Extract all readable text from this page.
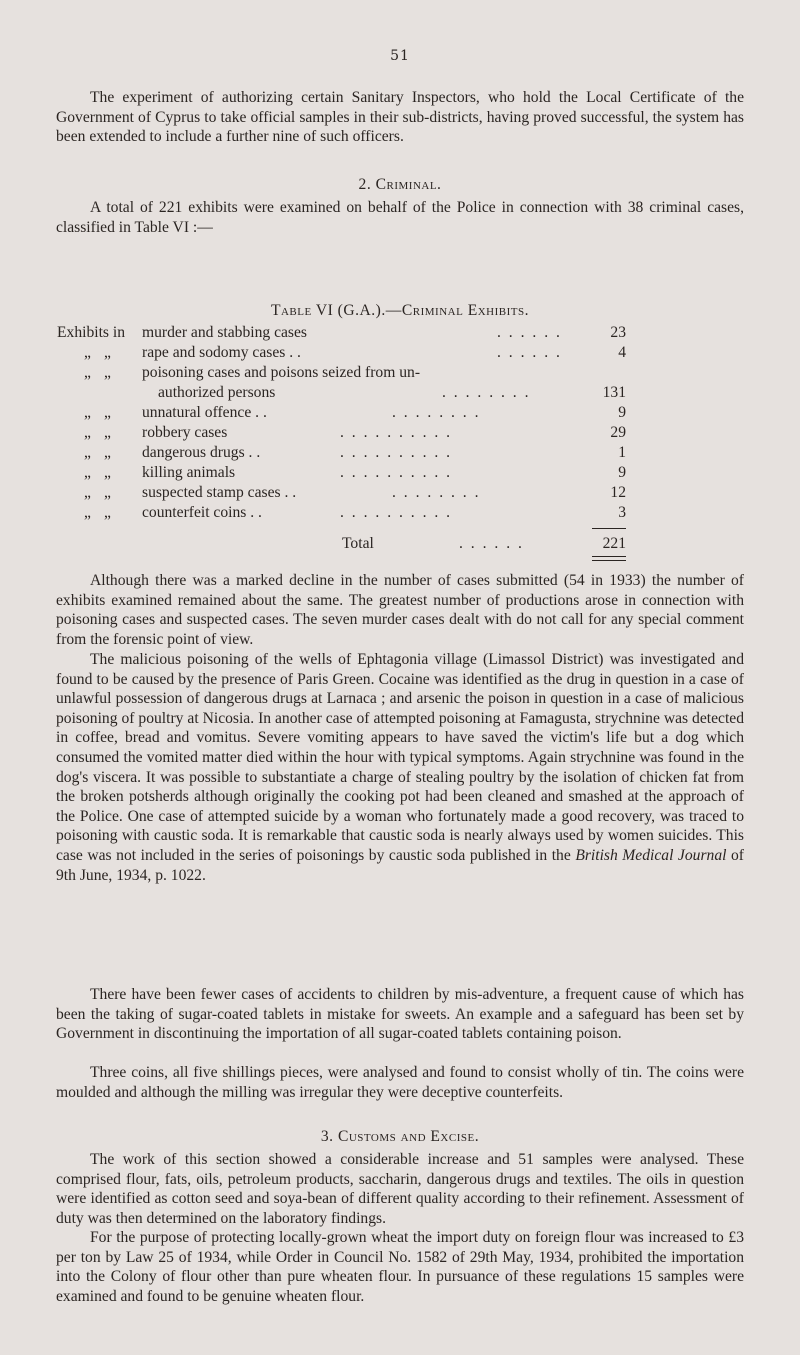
51

The experiment of authorizing certain Sanitary Inspectors, who hold the Local Certificate of the Government of Cyprus to take official samples in their sub-districts, having proved successful, the system has been extended to include a further nine of such officers.

2. Criminal.

A total of 221 exhibits were examined on behalf of the Police in connection with 38 criminal cases, classified in Table VI :—

Table VI (G.A.).—Criminal Exhibits.
Exhibits in murder and stabbing cases	. . . . . .	23
„ „	rape and sodomy cases . .	. . . . . .	4
„ „	poisoning cases and poisons seized from un-
authorized persons	. . . . . . . .	131
„ „	unnatural offence . .	. . . . . . . .	9
„ „	robbery cases	. . . . . . . . . .	29
„ „	dangerous drugs . .	. . . . . . . . . .	1
„ „	killing animals	. . . . . . . . . .	9
„ „	suspected stamp cases . .	. . . . . . . .	12
„ „	counterfeit coins . .	. . . . . . . . . .	3
Total	. . . . . .	221

Although there was a marked decline in the number of cases submitted (54 in 1933) the number of exhibits examined remained about the same. The greatest number of productions arose in connection with poisoning cases and suspected cases. The seven murder cases dealt with do not call for any special comment from the forensic point of view.

The malicious poisoning of the wells of Ephtagonia village (Limassol District) was investigated and found to be caused by the presence of Paris Green. Cocaine was identified as the drug in question in a case of unlawful possession of dangerous drugs at Larnaca ; and arsenic the poison in question in a case of malicious poisoning of poultry at Nicosia. In another case of attempted poisoning at Famagusta, strychnine was detected in coffee, bread and vomitus. Severe vomiting appears to have saved the victim's life but a dog which consumed the vomited matter died within the hour with typical symptoms. Again strychnine was found in the dog's viscera. It was possible to substantiate a charge of stealing poultry by the isolation of chicken fat from the broken potsherds although originally the cooking pot had been cleaned and smashed at the approach of the Police. One case of attempted suicide by a woman who fortunately made a good recovery, was traced to poisoning with caustic soda. It is remarkable that caustic soda is nearly always used by women suicides. This case was not included in the series of poisonings by caustic soda published in the British Medical Journal of 9th June, 1934, p. 1022.

There have been fewer cases of accidents to children by mis-adventure, a frequent cause of which has been the taking of sugar-coated tablets in mistake for sweets. An example and a safeguard has been set by Government in discontinuing the importation of all sugar-coated tablets containing poison.

Three coins, all five shillings pieces, were analysed and found to consist wholly of tin. The coins were moulded and although the milling was irregular they were deceptive counterfeits.

3. Customs and Excise.

The work of this section showed a considerable increase and 51 samples were analysed. These comprised flour, fats, oils, petroleum products, saccharin, dangerous drugs and textiles. The oils in question were identified as cotton seed and soya-bean of different quality according to their refinement. Assessment of duty was then determined on the laboratory findings.

For the purpose of protecting locally-grown wheat the import duty on foreign flour was increased to £3 per ton by Law 25 of 1934, while Order in Council No. 1582 of 29th May, 1934, prohibited the importation into the Colony of flour other than pure wheaten flour. In pursuance of these regulations 15 samples were examined and found to be genuine wheaten flour.
